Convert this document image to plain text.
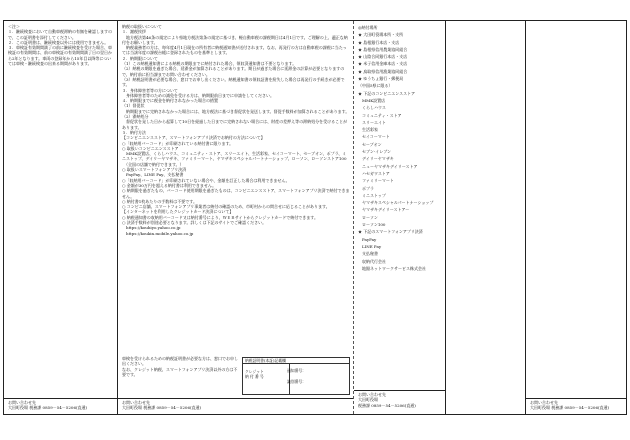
＜注＞

１．継続検査において自動車税滞納の有無を確認しますので、この証明書を添付してください。

２．この証明書は、継続検査以外には使用できません。

３．車検証有効期間満了の前に継続検査を受けた場合、車検証の有効期間は、前の車検証の有効期間満了日の翌日から2年となります。車両の登録年から15年目以降等については車検・継続検査の出来る期間があります。

お問い合わせ先
大田町役場 税務課 0859－54－5206(直通)

納税の取扱いについて
１．謝税挨拶
　地方税法第46条の規定により県地方税法第条の規定に基づき、軽自動車税の課税期日は4月1日です。ご理解の上、適正な納付をお願いします。
　納税義務者の方は、毎年度4月1日現在の所有者に納税通知書が送付されます。なお、再発行の方は自動車税の課税に当たっては当該年度の課税台帳に登録されたものを基準とします。
２．納期限について
（1）この納税通知書による納税の期限までに納付された場合、領収済通知書は不要となります。
（2）納税の期限を過ぎた場合、延滞金が加算されることがあります。期日が過ぎた場合に延滞金の計算が必要となりますので、納付前に担当課までお問い合わせください。
（3）納税証明書が必要な場合、窓口でお申し出ください。納税通知書の領収証書を紛失した場合は再発行の手続きが必要です。
３．身体障害者等の方について
　身体障害者等のための減免を受ける方は、納期限前日までに申請をしてください。
４．納期限までに税金を納付されなかった場合の措置
（1）督促状
　納期限までに完納されなかった場合には、地方税法に基づき督促状を発送します。督促手数料が加算されることがあります。
（2）滞納処分
　督促状を発した日から起算して10日を経過した日までに完納されない場合には、財産の差押え等の滞納処分を受けることがあります。
５．納付方法
【コンビニエンスストア、スマートフォンアプリ決済でお納付の方法について】
○「収納用バーコード」が印刷されている納付書に限ります。
○ 取扱いコンビニエンスストア
　MMK設置店、くらしハウス、コミュニティ・ストア、スリーエイト、生活彩家、セイコーマート、セーブオン、ポプラ、ミニストップ、デイリーヤマザキ、ファミリーマート、ヤマザキスペシャルパートナーショップ、ローソン、ローソンストア100
　（全国の店舗で納付できます。）
○ 取扱いスマートフォンアプリ決済
　PayPay、LINE Pay、支払秘書
○「収納用バーコード」が印刷されていない場合や、金額を訂正した場合は利用できません。
○ 金額が30万円を超える納付書は利用できません。
○ 納期限を過ぎたもの、バーコード使用期限を過ぎたものは、コンビニエンスストア、スマートフォンアプリ決済で納付できません。
○ 納付書1枚あたりの手数料は不要です。
○ コンビニ店舗、スマートフォンアプリ事業者は納付の確認のため、市町村からの問合せに応じることがあります。
【インターネットを利用したクレジットカード決済について】
○ 納税通知書の収納用バーコード又は納付番号により、ＷＥＢサイトからクレジットカードで納付できます。
○ 決済手数料が別途必要となります。詳しくは下記のサイトでご確認ください。
　https://kouhiyo.yahoo.co.jp
　https://koukin.mobile.yahoo.co.jp

車検を受けられるための納税証明書が必要な方は、窓口でお申し出ください。
なお、クレジット納税、スマートフォンアプリ決済以外の方は不要です。

納税証明書(本証)記載欄
クレジット
納 付 番 号
通知番号：
識別番号：
お問い合わせ先
大田町役場 税務課 0859－54－5206(直通)
◎納付場所
★ 大田町役場本所・支所
★ 島根銀行本店・支店
★ 島根県信用農業協同組合
★ 山陰合同銀行本店・支店
★ 米子信用金庫本店・支店
★ 鳥取県信用漁業協同組合
★ ゆうちょ銀行・郵便局
（中国5県に限る）
★ 下記のコンビニエンスストア
　MMK設置店
　くらしハウス
　コミュニティ・ストア
　スリーエイト
　生活彩家
　セイコーマート
　セーブオン
　セブン-イレブン
　デイリーヤマザキ
　ニューヤマザキデイリーストア
　ハセガワストア
　ファミリーマート
　ポプラ
　ミニストップ
　ヤマザキスペシャルパートナーショップ
　ヤマザキデイリーストアー
　ローソン
　ローソン100
★ 下記のスマートフォンアプリ決済
　PayPay
　LINE Pay
　支払秘書
　収納代行会社
　地銀ネットワークサービス株式会社
お問い合わせ先
大田町役場
税務課 0859－54－5206(直通)
お問い合わせ先
大田町役場 税務課 0859－54－5206(直通)
